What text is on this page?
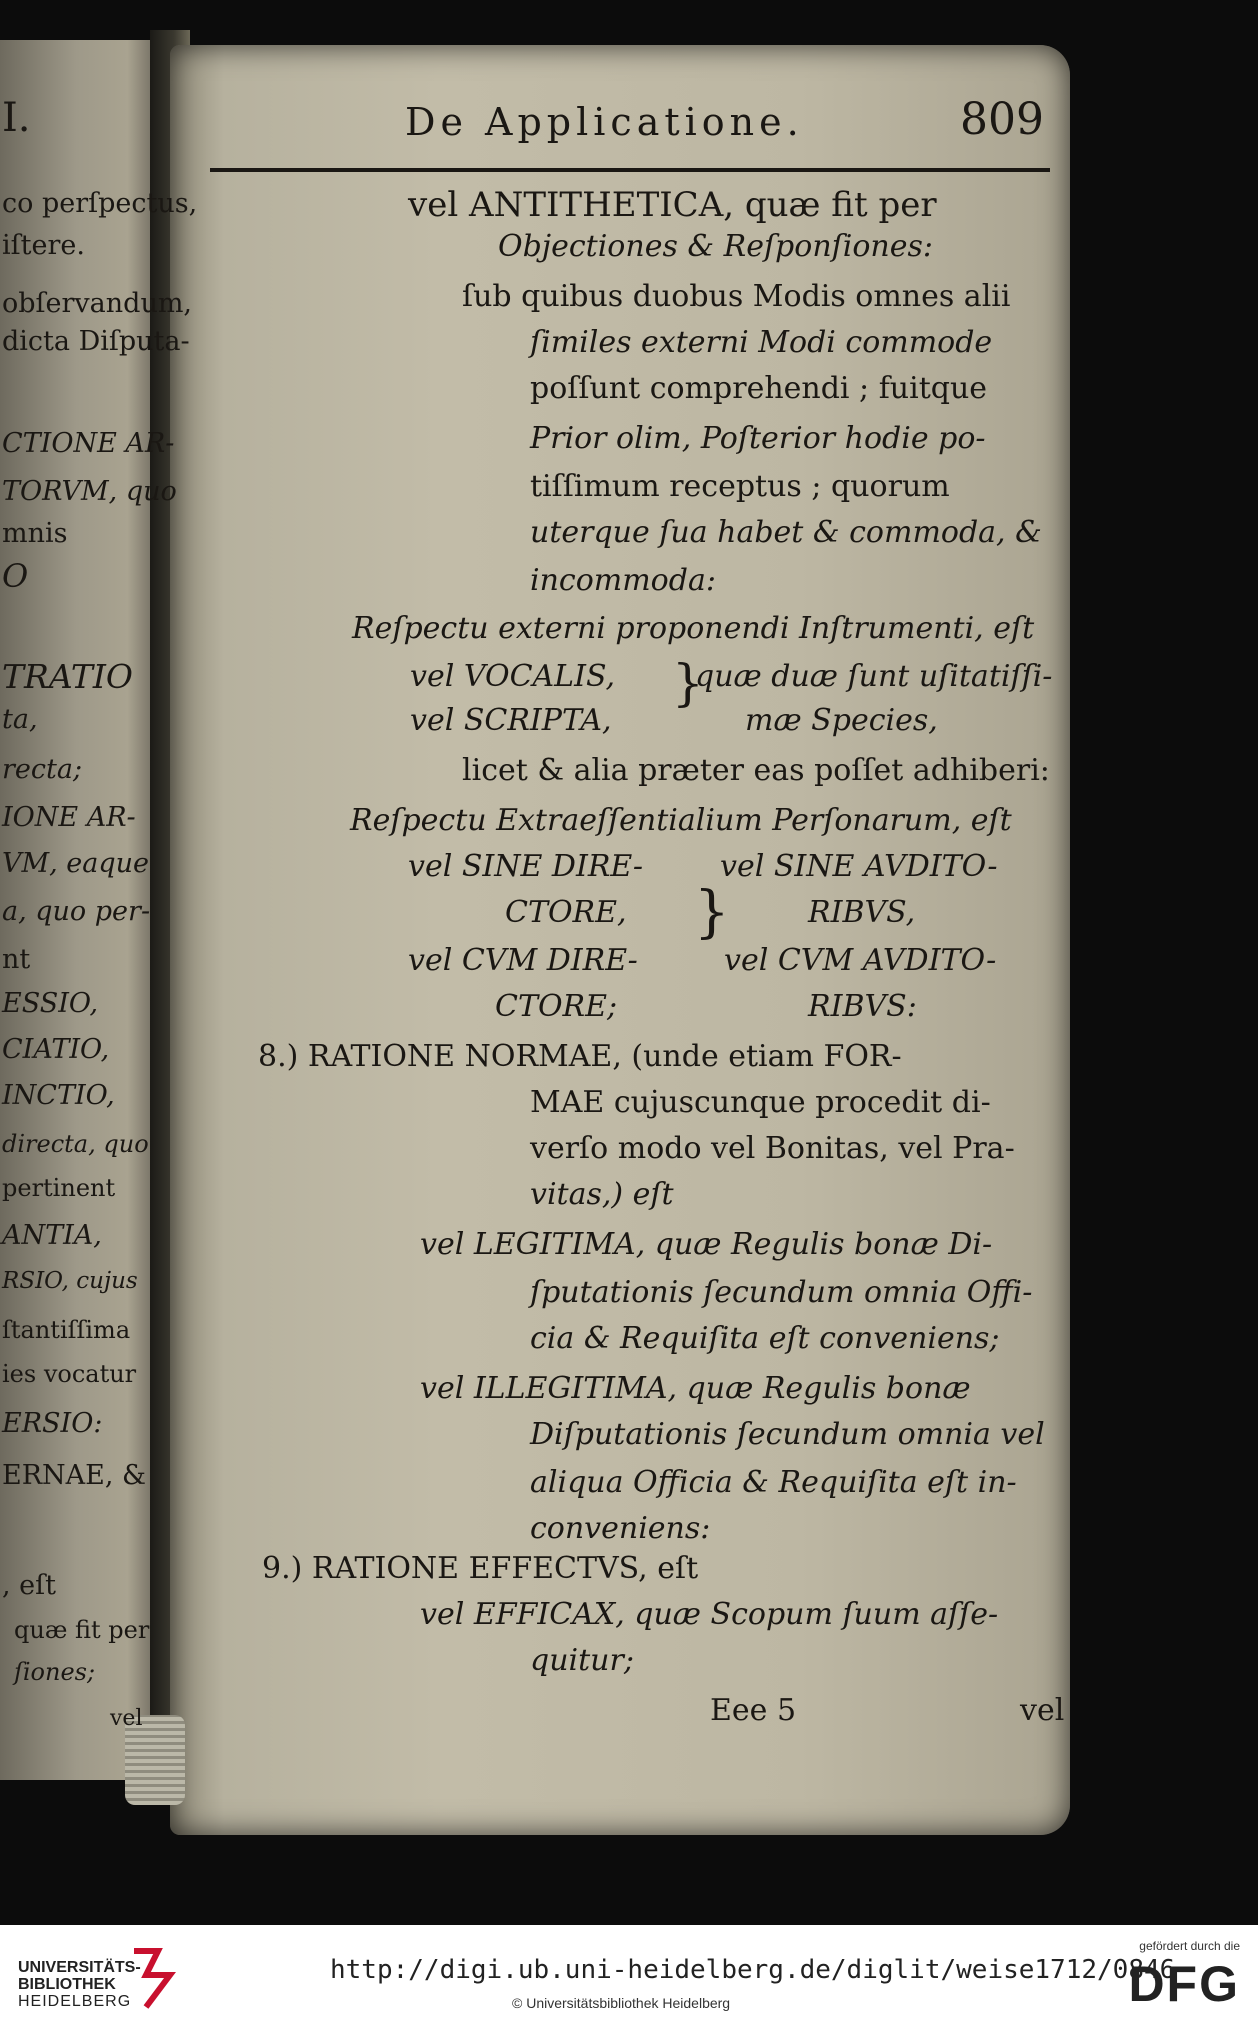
I.
co perſpectus,
iſtere.
obſervandum,
dicta Diſputa-
CTIONE AR-
TORVM, quo
mnis
O
TRATIO
ta,
recta;
IONE AR-
VM, eaque
a, quo per-
nt
ESSIO,
CIATIO,
INCTIO,
directa, quo
pertinent
ANTIA,
RSIO, cujus
ſtantiſſima
ies vocatur
ERSIO:
ERNAE, &
, eſt
quæ fit per
ſiones;
vel
De Applicatione.	809
vel ANTITHETICA, quæ fit per
Objectiones & Reſponſiones:
ſub quibus duobus Modis omnes alii
ſimiles externi Modi commode
poſſunt comprehendi ; fuitque
Prior olim, Poſterior hodie po-
tiſſimum receptus ; quorum
uterque ſua habet & commoda, &
incommoda:
Reſpectu externi proponendi Inſtrumenti, eſt
vel VOCALIS, }
quæ duæ ſunt uſitatiſſi-
vel SCRIPTA,	mæ Species,
licet & alia præter eas poſſet adhiberi:
Reſpectu Extraeſſentialium Perſonarum, eſt
vel SINE DIRE-	vel SINE AVDITO-
CTORE, }	RIBVS,
vel CVM DIRE-	vel CVM AVDITO-
CTORE;	RIBVS:
8.) RATIONE NORMAE, (unde etiam FOR-
MAE cujuscunque procedit di-
verſo modo vel Bonitas, vel Pra-
vitas,) eſt
vel LEGITIMA, quæ Regulis bonæ Di-
ſputationis ſecundum omnia Offi-
cia & Requiſita eſt conveniens;
vel ILLEGITIMA, quæ Regulis bonæ
Diſputationis ſecundum omnia vel
aliqua Officia & Requiſita eſt in-
conveniens:
9.) RATIONE EFFECTVS, eſt
vel EFFICAX, quæ Scopum ſuum aſſe-
quitur;
Eee 5	vel
UNIVERSITÄTS-
BIBLIOTHEK
HEIDELBERG
http://digi.ub.uni-heidelberg.de/diglit/weise1712/0846
© Universitätsbibliothek Heidelberg
gefördert durch die
DFG
